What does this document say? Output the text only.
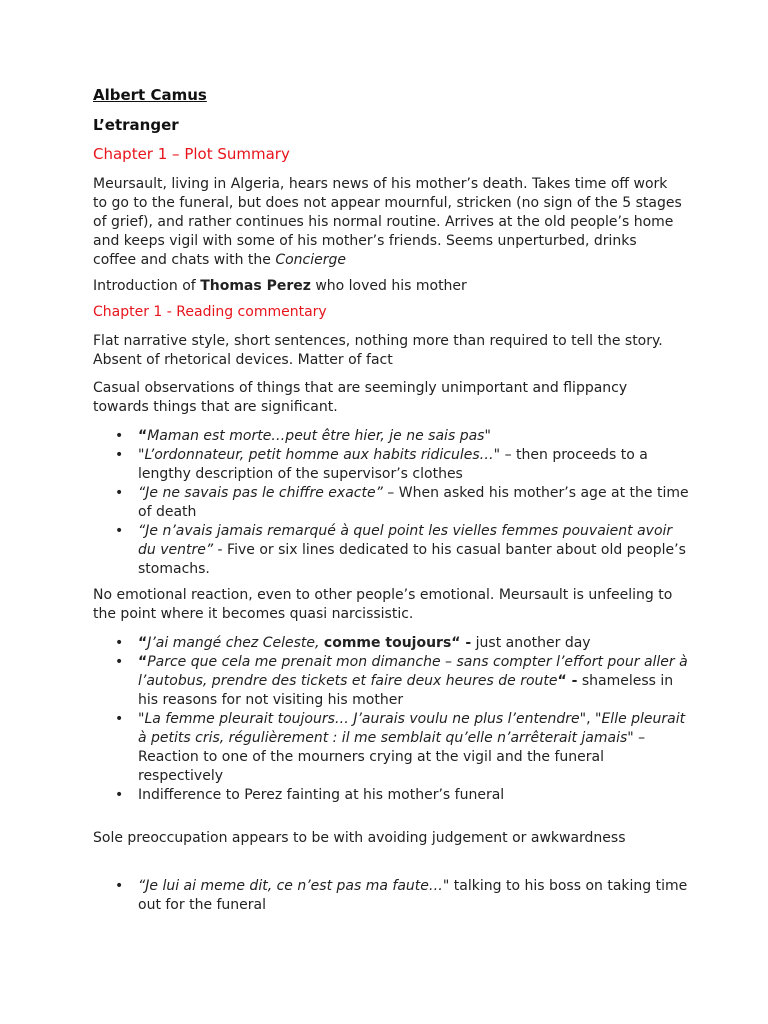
Albert Camus
L’etranger
Chapter 1 – Plot Summary

Meursault, living in Algeria, hears news of his mother’s death. Takes time off work to go to the funeral, but does not appear mournful, stricken (no sign of the 5 stages of grief), and rather continues his normal routine. Arrives at the old people’s home and keeps vigil with some of his mother’s friends. Seems unperturbed, drinks coffee and chats with the Concierge

Introduction of Thomas Perez who loved his mother

Chapter 1 - Reading commentary

Flat narrative style, short sentences, nothing more than required to tell the story. Absent of rhetorical devices. Matter of fact

Casual observations of things that are seemingly unimportant and flippancy towards things that are significant.

• “Maman est morte…peut être hier, je ne sais pas"
• "L’ordonnateur, petit homme aux habits ridicules…" – then proceeds to a lengthy description of the supervisor’s clothes
• “Je ne savais pas le chiffre exacte” – When asked his mother’s age at the time of death
• “Je n’avais jamais remarqué à quel point les vielles femmes pouvaient avoir du ventre” - Five or six lines dedicated to his casual banter about old people’s stomachs.

No emotional reaction, even to other people’s emotional. Meursault is unfeeling to the point where it becomes quasi narcissistic.

• “J’ai mangé chez Celeste, comme toujours“ - just another day
• “Parce que cela me prenait mon dimanche – sans compter l’effort pour aller à l’autobus, prendre des tickets et faire deux heures de route“ - shameless in his reasons for not visiting his mother
• "La femme pleurait toujours… J’aurais voulu ne plus l’entendre", "Elle pleurait à petits cris, régulièrement : il me semblait qu’elle n’arrêterait jamais" – Reaction to one of the mourners crying at the vigil and the funeral respectively
• Indifference to Perez fainting at his mother’s funeral

Sole preoccupation appears to be with avoiding judgement or awkwardness

• “Je lui ai meme dit, ce n’est pas ma faute…" talking to his boss on taking time out for the funeral
